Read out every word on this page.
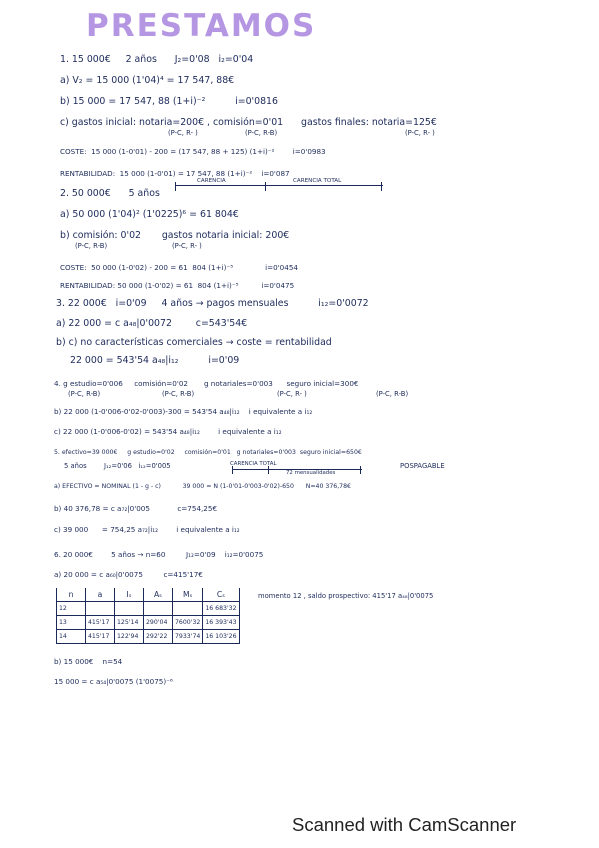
PRESTAMOS
1. 15 000€     2 años      J₂=0'08   i₂=0'04
a) V₂ = 15 000 (1'04)⁴ = 17 547, 88€
b) 15 000 = 17 547, 88 (1+i)⁻²          i=0'0816
c) gastos inicial: notaria=200€ , comisión=0'01      gastos finales: notaria=125€
(P-C, R- )	(P-C, R-B)	(P-C, R- )
COSTE:  15 000 (1-0'01) - 200 = (17 547, 88 + 125) (1+i)⁻²        i=0'0983
RENTABILIDAD:  15 000 (1-0'01) = 17 547, 88 (1+i)⁻²    i=0'087
2. 50 000€      5 años
CARENCIA	CARENCIA TOTAL
a) 50 000 (1'04)² (1'0225)⁶ = 61 804€
b) comisión: 0'02       gastos notaria inicial: 200€
(P-C, R-B)	(P-C, R- )
COSTE:  50 000 (1-0'02) - 200 = 61  804 (1+i)⁻⁵              i=0'0454
RENTABILIDAD: 50 000 (1-0'02) = 61  804 (1+i)⁻⁵          i=0'0475
3. 22 000€   i=0'09     4 años → pagos mensuales          i₁₂=0'0072
a) 22 000 = c a₄₈|0'0072        c=543'54€
b) c) no características comerciales → coste = rentabilidad
22 000 = 543'54 a₄₈|i₁₂          i=0'09
4. g estudio=0'006     comisión=0'02       g notariales=0'003      seguro inicial=300€
(P-C, R-B)	(P-C, R-B)	(P-C, R- )	(P-C, R-B)
b) 22 000 (1-0'006-0'02-0'003)-300 = 543'54 a₄₈|i₁₂    i equivalente a i₁₂
c) 22 000 (1-0'006-0'02) = 543'54 a₄₈|i₁₂        i equivalente a i₁₂
5. efectivo=39 000€     g estudio=0'02     comisión=0'01   g notariales=0'003  seguro inicial=650€
5 años        J₁₂=0'06   i₁₂=0'005	CARENCIA TOTAL
72 mensualidades
POSPAGABLE
a) EFECTIVO = NOMINAL (1 - g - c)           39 000 = N (1-0'01-0'003-0'02)-650      N=40 376,78€
b) 40 376,78 = c a₇₂|0'005            c=754,25€
c) 39 000      = 754,25 a₇₂|i₁₂        i equivalente a i₁₂
6. 20 000€        5 años → n=60         J₁₂=0'09    i₁₂=0'0075
a) 20 000 = c a₆₀|0'0075         c=415'17€
momento 12 , saldo prospectivo: 415'17 a₄₈|0'0075
n	a	Iₛ	Aₛ	Mₛ	Cₛ
12					16 683'32
13	415'17	125'14	290'04	7600'32	16 393'43
14	415'17	122'94	292'22	7933'74	16 103'26
b) 15 000€    n=54
15 000 = c a₅₄|0'0075 (1'0075)⁻⁶
Scanned with CamScanner
